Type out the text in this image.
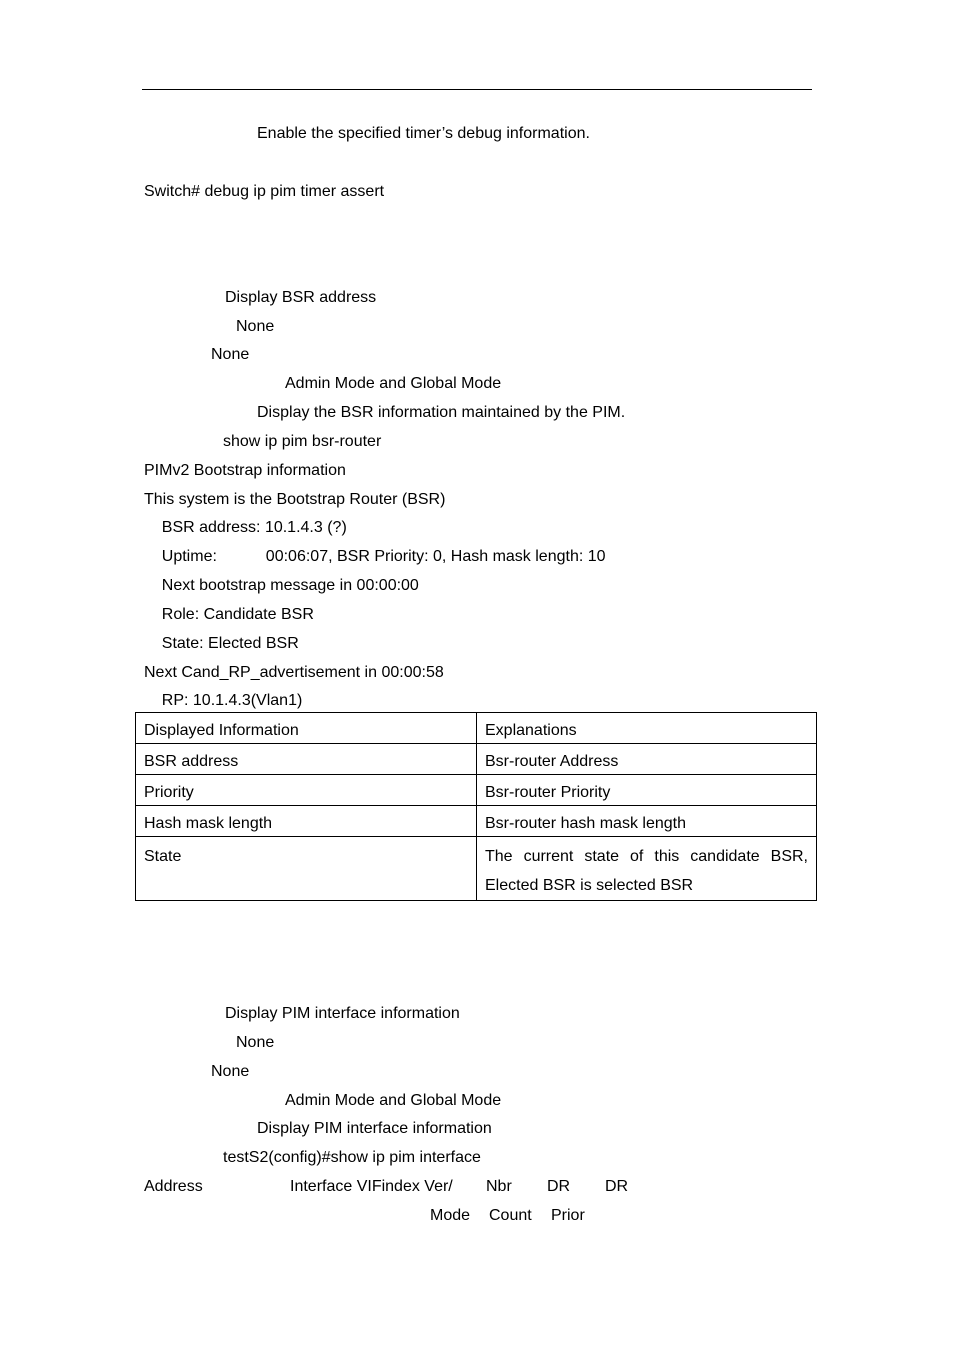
Enable the specified timer’s debug information.
Switch# debug ip pim timer assert
Display BSR address
None
None
Admin Mode and Global Mode
Display the BSR information maintained by the PIM.
show ip pim bsr-router
PIMv2 Bootstrap information
This system is the Bootstrap Router (BSR)
BSR address: 10.1.4.3 (?)
Uptime:           00:06:07, BSR Priority: 0, Hash mask length: 10
Next bootstrap message in 00:00:00
Role: Candidate BSR
State: Elected BSR
Next Cand_RP_advertisement in 00:00:58
RP: 10.1.4.3(Vlan1)
Displayed Information	Explanations
BSR address	Bsr-router Address
Priority	Bsr-router Priority
Hash mask length	Bsr-router hash mask length
State	The current state of this candidate BSR, Elected BSR is selected BSR
Display PIM interface information
None
None
Admin Mode and Global Mode
Display PIM interface information
testS2(config)#show ip pim interface
Address	Interface VIFindex Ver/ Nbr DR DR
Mode Count Prior
